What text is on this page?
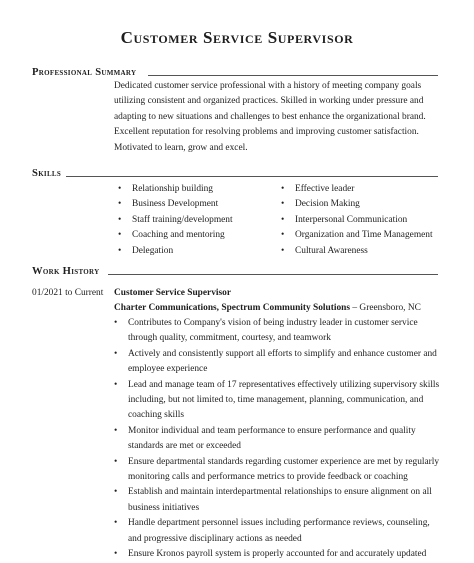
Customer Service Supervisor
Professional Summary

Dedicated customer service professional with a history of meeting company goals utilizing consistent and organized practices. Skilled in working under pressure and adapting to new situations and challenges to best enhance the organizational brand. Excellent reputation for resolving problems and improving customer satisfaction. Motivated to learn, grow and excel.

Skills
• Relationship building
• Business Development
• Staff training/development
• Coaching and mentoring
• Delegation
• Effective leader
• Decision Making
• Interpersonal Communication
• Organization and Time Management
• Cultural Awareness
Work History
01/2021 to Current Customer Service Supervisor
Charter Communications, Spectrum Community Solutions – Greensboro, NC
• Contributes to Company's vision of being industry leader in customer service through quality, commitment, courtesy, and teamwork
• Actively and consistently support all efforts to simplify and enhance customer and employee experience
• Lead and manage team of 17 representatives effectively utilizing supervisory skills including, but not limited to, time management, planning, communication, and coaching skills
• Monitor individual and team performance to ensure performance and quality standards are met or exceeded
• Ensure departmental standards regarding customer experience are met by regularly monitoring calls and performance metrics to provide feedback or coaching
• Establish and maintain interdepartmental relationships to ensure alignment on all business initiatives
• Handle department personnel issues including performance reviews, counseling, and progressive disciplinary actions as needed
• Ensure Kronos payroll system is properly accounted for and accurately updated
